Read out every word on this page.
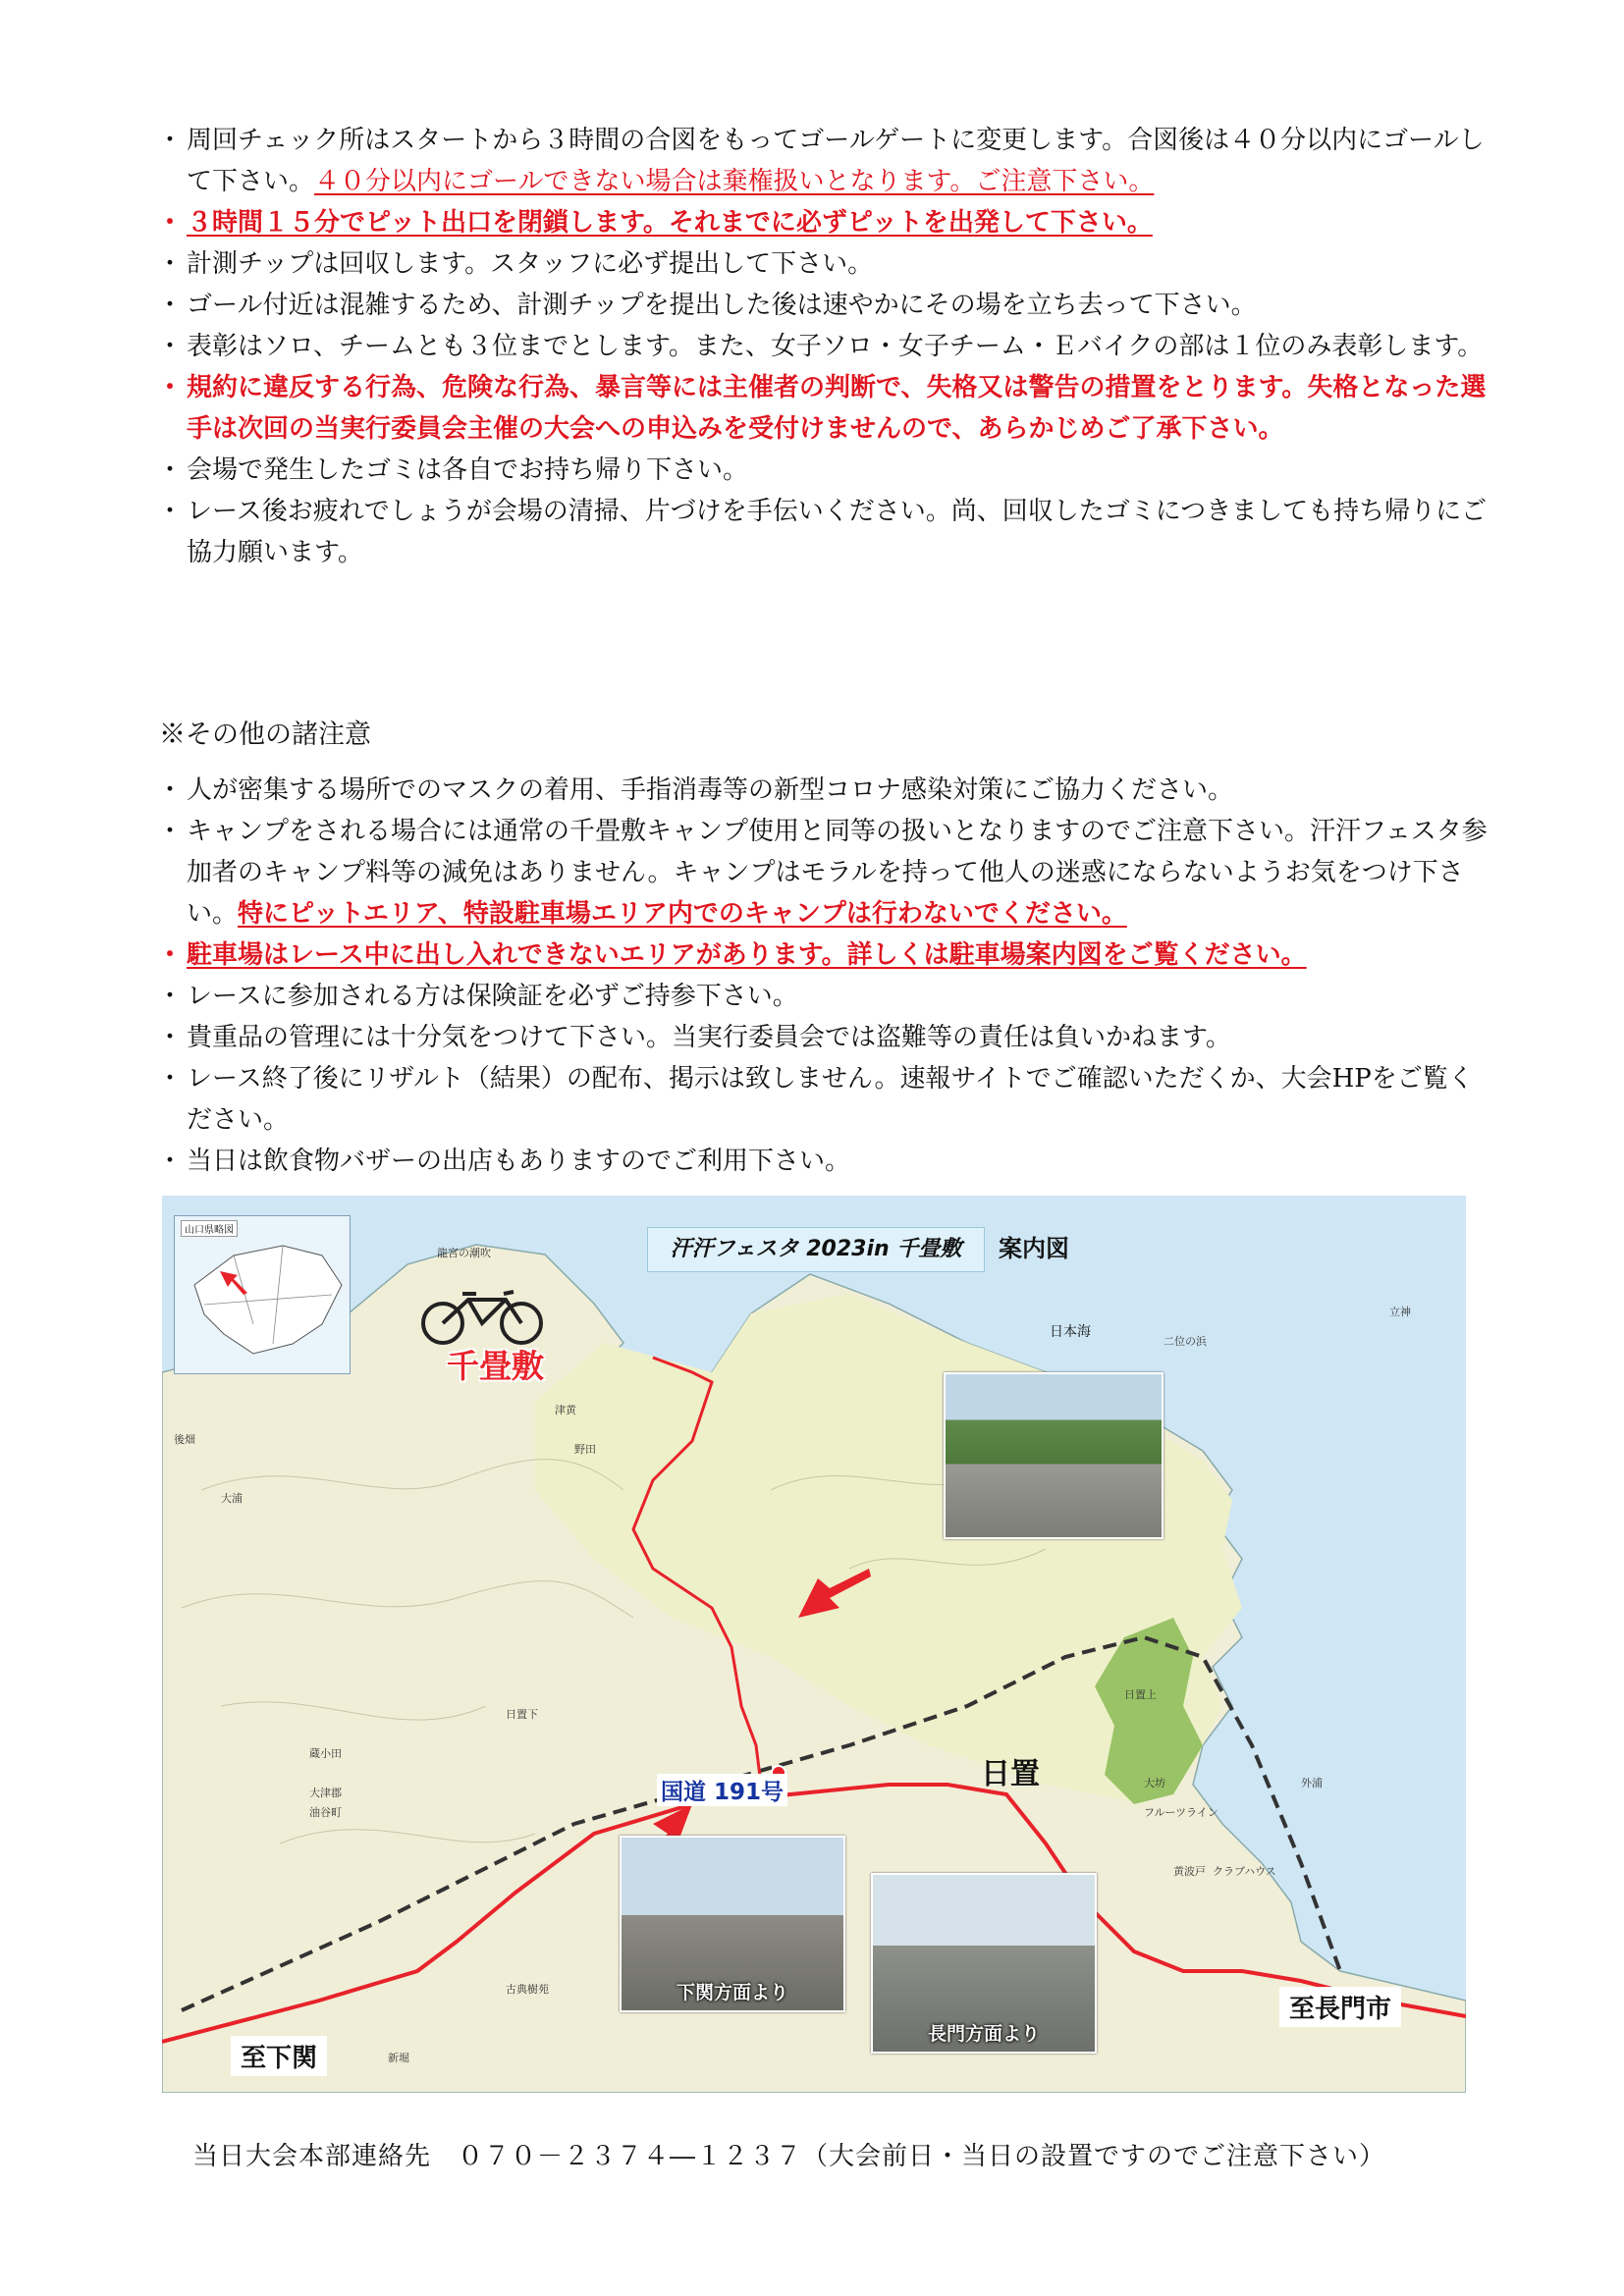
・ 周回チェック所はスタートから３時間の合図をもってゴールゲートに変更します。合図後は４０分以内にゴールして下さい。４０分以内にゴールできない場合は棄権扱いとなります。ご注意下さい。
・ ３時間１５分でピット出口を閉鎖します。それまでに必ずピットを出発して下さい。
・ 計測チップは回収します。スタッフに必ず提出して下さい。
・ ゴール付近は混雑するため、計測チップを提出した後は速やかにその場を立ち去って下さい。
・ 表彰はソロ、チームとも３位までとします。また、女子ソロ・女子チーム・Ｅバイクの部は１位のみ表彰します。
・ 規約に違反する行為、危険な行為、暴言等には主催者の判断で、失格又は警告の措置をとります。失格となった選手は次回の当実行委員会主催の大会への申込みを受付けませんので、あらかじめご了承下さい。
・ 会場で発生したゴミは各自でお持ち帰り下さい。
・ レース後お疲れでしょうが会場の清掃、片づけを手伝いください。尚、回収したゴミにつきましても持ち帰りにご協力願います。
※その他の諸注意
・ 人が密集する場所でのマスクの着用、手指消毒等の新型コロナ感染対策にご協力ください。
・ キャンプをされる場合には通常の千畳敷キャンプ使用と同等の扱いとなりますのでご注意下さい。汗汗フェスタ参加者のキャンプ料等の減免はありません。キャンプはモラルを持って他人の迷惑にならないようお気をつけ下さい。特にピットエリア、特設駐車場エリア内でのキャンプは行わないでください。
・ 駐車場はレース中に出し入れできないエリアがあります。詳しくは駐車場案内図をご覧ください。
・ レースに参加される方は保険証を必ずご持参下さい。
・ 貴重品の管理には十分気をつけて下さい。当実行委員会では盗難等の責任は負いかねます。
・ レース終了後にリザルト（結果）の配布、掲示は致しません。速報サイトでご確認いただくか、大会HPをご覧ください。
・ 当日は飲食物バザーの出店もありますのでご利用下さい。
汗汗フェスタ 2023in 千畳敷	案内図
山口県略図
千畳敷
日本海
日置
国道 191号
至長門市
至下関
下関方面より
長門方面より
龍宮の潮吹
後畑
大浦
津黄
野田
日置下
日置上
蔵小田
大津郡
油谷町
古典樹苑
新堀
立神
二位の浜
外浦
黄波戸
大坊
フルーツライン
クラブハウス
当日大会本部連絡先　０７０－２３７４―１２３７（大会前日・当日の設置ですのでご注意下さい）
